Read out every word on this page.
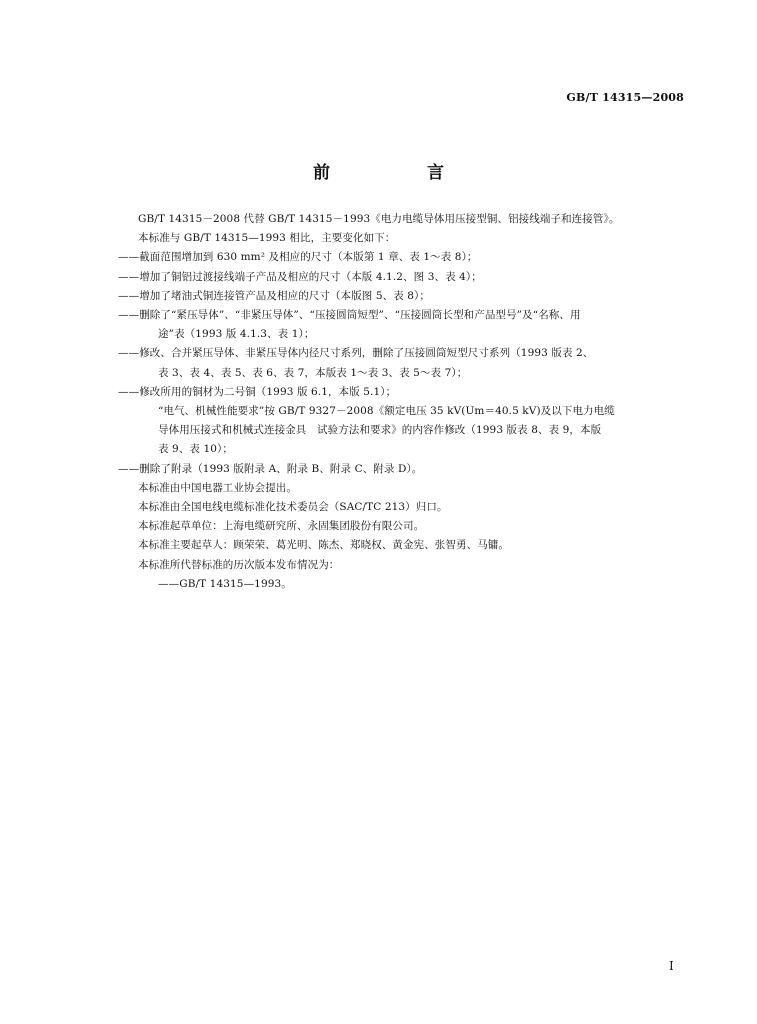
GB/T 14315—2008
前　言
GB/T 14315－2008 代替 GB/T 14315－1993《电力电缆导体用压接型铜、铝接线端子和连接管》。
本标准与 GB/T 14315—1993 相比，主要变化如下：
——截面范围增加到 630 mm² 及相应的尺寸（本版第 1 章、表 1～表 8）；
——增加了铜铝过渡接线端子产品及相应的尺寸（本版 4.1.2、图 3、表 4）；
——增加了堵油式铜连接管产品及相应的尺寸（本版图 5、表 8）；
——删除了“紧压导体”、“非紧压导体”、“压接圆筒短型”、“压接圆筒长型和产品型号”及“名称、用
途”表（1993 版 4.1.3、表 1）；
——修改、合并紧压导体、非紧压导体内径尺寸系列，删除了压接圆筒短型尺寸系列（1993 版表 2、
表 3、表 4、表 5、表 6、表 7，本版表 1～表 3、表 5～表 7）；
——修改所用的铜材为二号铜（1993 版 6.1，本版 5.1）；
“电气、机械性能要求”按 GB/T 9327－2008《额定电压 35 kV(Um＝40.5 kV)及以下电力电缆
导体用压接式和机械式连接金具　试验方法和要求》的内容作修改（1993 版表 8、表 9，本版
表 9、表 10）；
——删除了附录（1993 版附录 A、附录 B、附录 C、附录 D）。
本标准由中国电器工业协会提出。
本标准由全国电线电缆标准化技术委员会（SAC/TC 213）归口。
本标准起草单位：上海电缆研究所、永固集团股份有限公司。
本标准主要起草人：顾荣荣、葛光明、陈杰、郑晓权、黄金宪、张智勇、马镛。
本标准所代替标准的历次版本发布情况为：
——GB/T 14315—1993。
I
